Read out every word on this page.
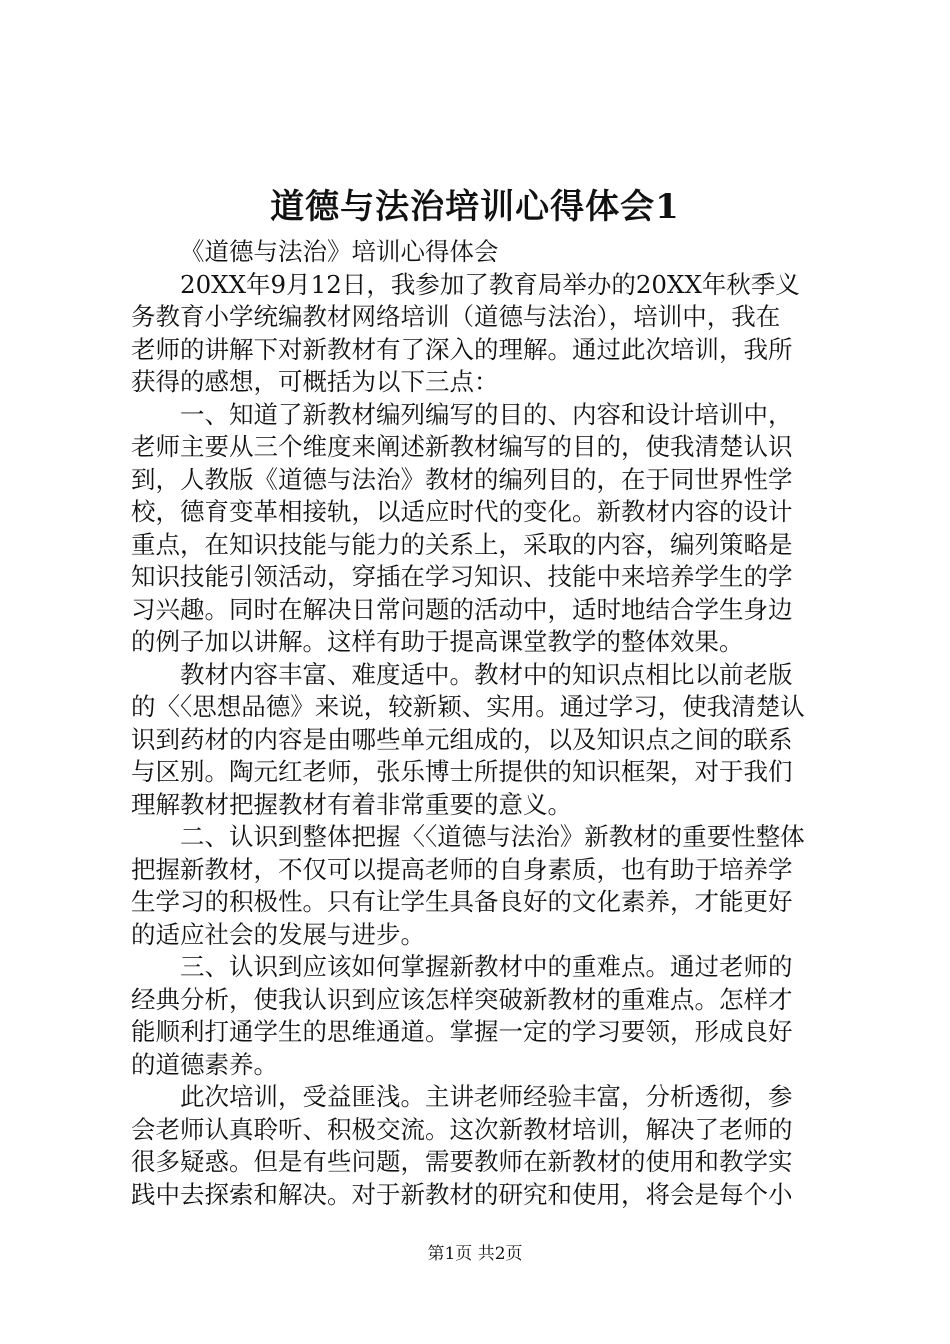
道德与法治培训心得体会1
《道德与法治》培训心得体会
20XX年9月12日，我参加了教育局举办的20XX年秋季义
务教育小学统编教材网络培训（道德与法治），培训中，我在
老师的讲解下对新教材有了深入的理解。通过此次培训，我所
获得的感想，可概括为以下三点：
一、知道了新教材编列编写的目的、内容和设计培训中，
老师主要从三个维度来阐述新教材编写的目的，使我清楚认识
到，人教版《道德与法治》教材的编列目的，在于同世界性学
校，德育变革相接轨，以适应时代的变化。新教材内容的设计
重点，在知识技能与能力的关系上，采取的内容，编列策略是
知识技能引领活动，穿插在学习知识、技能中来培养学生的学
习兴趣。同时在解决日常问题的活动中，适时地结合学生身边
的例子加以讲解。这样有助于提高课堂教学的整体效果。
教材内容丰富、难度适中。教材中的知识点相比以前老版
的〈〈思想品德》来说，较新颖、实用。通过学习，使我清楚认
识到药材的内容是由哪些单元组成的，以及知识点之间的联系
与区别。陶元红老师，张乐博士所提供的知识框架，对于我们
理解教材把握教材有着非常重要的意义。
二、认识到整体把握〈〈道德与法治》新教材的重要性整体
把握新教材，不仅可以提高老师的自身素质，也有助于培养学
生学习的积极性。只有让学生具备良好的文化素养，才能更好
的适应社会的发展与进步。
三、认识到应该如何掌握新教材中的重难点。通过老师的
经典分析，使我认识到应该怎样突破新教材的重难点。怎样才
能顺利打通学生的思维通道。掌握一定的学习要领，形成良好
的道德素养。
此次培训，受益匪浅。主讲老师经验丰富，分析透彻，参
会老师认真聆听、积极交流。这次新教材培训，解决了老师的
很多疑惑。但是有些问题，需要教师在新教材的使用和教学实
践中去探索和解决。对于新教材的研究和使用，将会是每个小
第1页 共2页
